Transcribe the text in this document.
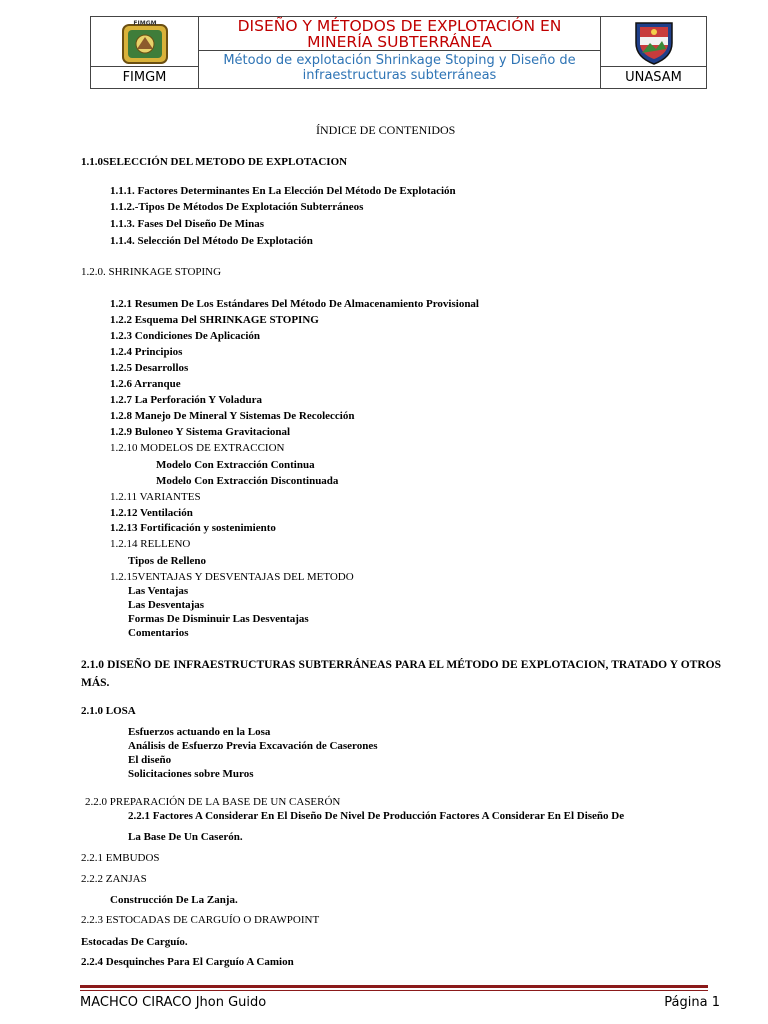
FIMGM
FIMGM
DISEÑO Y MÉTODOS DE EXPLOTACIÓN EN
MINERÍA SUBTERRÁNEA
Método de explotación Shrinkage Stoping y Diseño de
infraestructuras subterráneas	UNASAM
ÍNDICE DE CONTENIDOS
1.1.0SELECCIÓN DEL METODO DE EXPLOTACION
1.1.1. Factores Determinantes En La Elección Del Método De Explotación
1.1.2.-Tipos De Métodos De Explotación Subterráneos
1.1.3. Fases Del Diseño De Minas
1.1.4. Selección Del Método De Explotación
1.2.0. SHRINKAGE STOPING
1.2.1 Resumen De Los Estándares Del Método De Almacenamiento Provisional
1.2.2 Esquema Del SHRINKAGE STOPING
1.2.3 Condiciones De Aplicación
1.2.4 Principios
1.2.5 Desarrollos
1.2.6 Arranque
1.2.7 La Perforación Y Voladura
1.2.8 Manejo De Mineral Y Sistemas De Recolección
1.2.9 Buloneo Y Sistema Gravitacional
1.2.10 MODELOS DE EXTRACCION
Modelo Con Extracción Continua
Modelo Con Extracción Discontinuada
1.2.11 VARIANTES
1.2.12 Ventilación
1.2.13 Fortificación y sostenimiento
1.2.14 RELLENO
Tipos de Relleno
1.2.15VENTAJAS Y DESVENTAJAS DEL METODO
Las Ventajas
Las Desventajas
Formas De Disminuir Las Desventajas
Comentarios
2.1.0 DISEÑO DE INFRAESTRUCTURAS SUBTERRÁNEAS PARA EL MÉTODO DE EXPLOTACION, TRATADO Y OTROS MÁS.
2.1.0 LOSA
Esfuerzos actuando en la Losa
Análisis de Esfuerzo Previa Excavación de Caserones
El diseño
Solicitaciones sobre Muros
2.2.0 PREPARACIÓN DE LA BASE DE UN CASERÓN
2.2.1 Factores A Considerar En El Diseño De Nivel De Producción Factores A Considerar En El Diseño De
La Base De Un Caserón.
2.2.1 EMBUDOS
2.2.2 ZANJAS
Construcción De La Zanja.
2.2.3 ESTOCADAS DE CARGUÍO O DRAWPOINT
Estocadas De Carguío.
2.2.4 Desquinches Para El Carguío A Camion
MACHCO CIRACO Jhon Guido	Página 1
